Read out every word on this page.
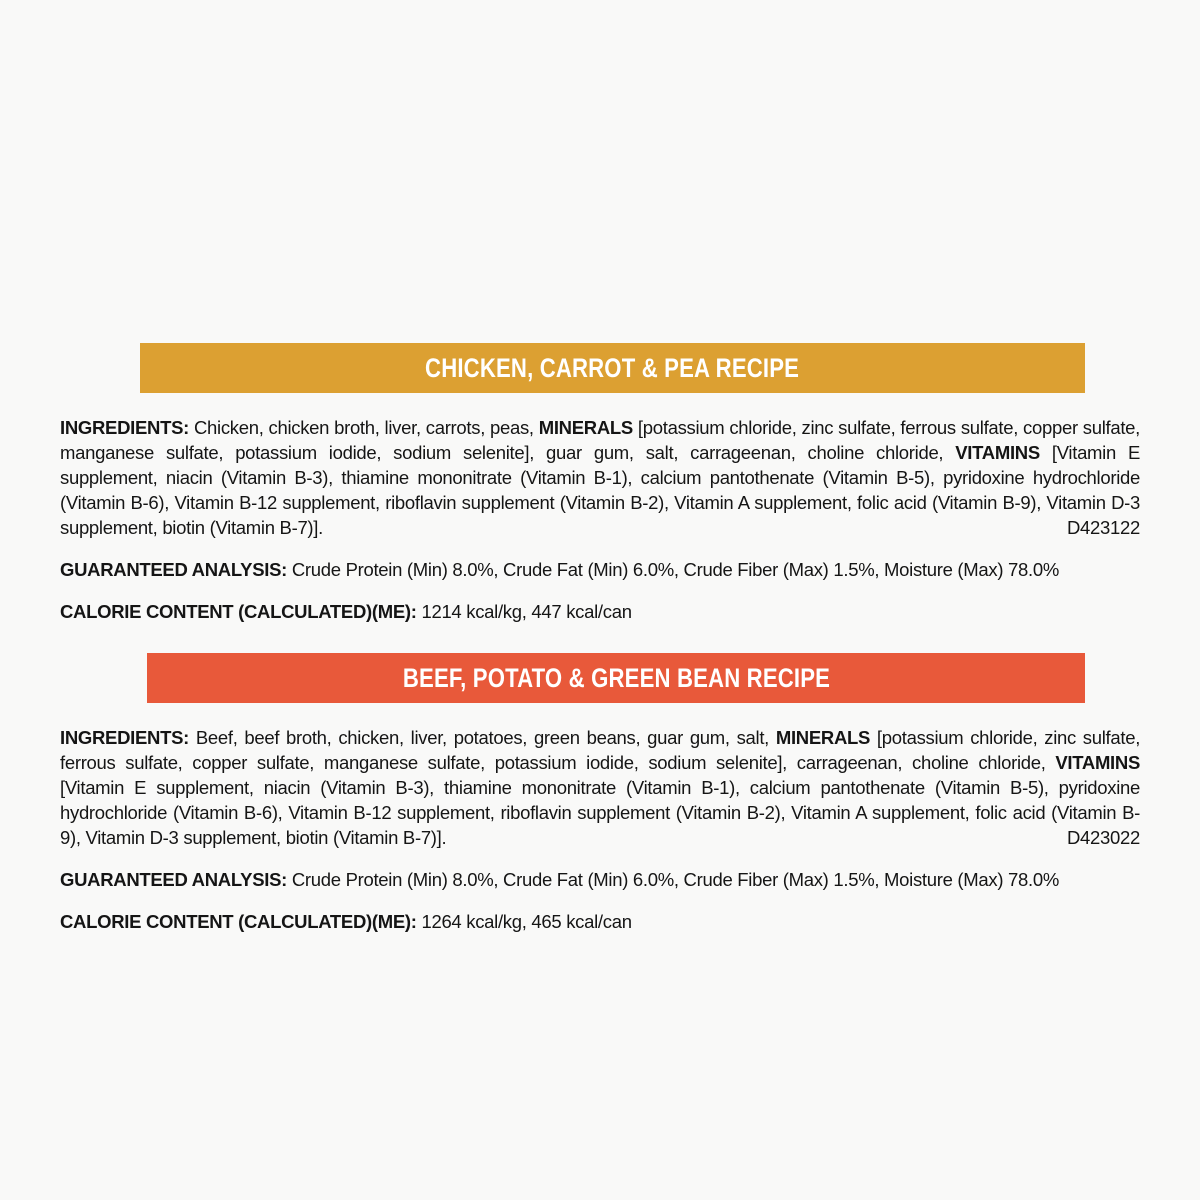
CHICKEN, CARROT & PEA RECIPE
INGREDIENTS: Chicken, chicken broth, liver, carrots, peas, MINERALS [potassium chloride, zinc sulfate, ferrous sulfate, copper sulfate, manganese sulfate, potassium iodide, sodium selenite], guar gum, salt, carrageenan, choline chloride, VITAMINS [Vitamin E supplement, niacin (Vitamin B-3), thiamine mononitrate (Vitamin B-1), calcium pantothenate (Vitamin B-5), pyridoxine hydrochloride (Vitamin B-6), Vitamin B-12 supplement, riboflavin supplement (Vitamin B-2), Vitamin A supplement, folic acid (Vitamin B-9), Vitamin D-3 supplement, biotin (Vitamin B-7)].	D423122
GUARANTEED ANALYSIS: Crude Protein (Min) 8.0%, Crude Fat (Min) 6.0%, Crude Fiber (Max) 1.5%, Moisture (Max) 78.0%
CALORIE CONTENT (CALCULATED)(ME): 1214 kcal/kg, 447 kcal/can
BEEF, POTATO & GREEN BEAN RECIPE
INGREDIENTS: Beef, beef broth, chicken, liver, potatoes, green beans, guar gum, salt, MINERALS [potassium chloride, zinc sulfate, ferrous sulfate, copper sulfate, manganese sulfate, potassium iodide, sodium selenite], carrageenan, choline chloride, VITAMINS [Vitamin E supplement, niacin (Vitamin B-3), thiamine mononitrate (Vitamin B-1), calcium pantothenate (Vitamin B-5), pyridoxine hydrochloride (Vitamin B-6), Vitamin B-12 supplement, riboflavin supplement (Vitamin B-2), Vitamin A supplement, folic acid (Vitamin B-9), Vitamin D-3 supplement, biotin (Vitamin B-7)].	D423022
GUARANTEED ANALYSIS: Crude Protein (Min) 8.0%, Crude Fat (Min) 6.0%, Crude Fiber (Max) 1.5%, Moisture (Max) 78.0%
CALORIE CONTENT (CALCULATED)(ME): 1264 kcal/kg, 465 kcal/can
